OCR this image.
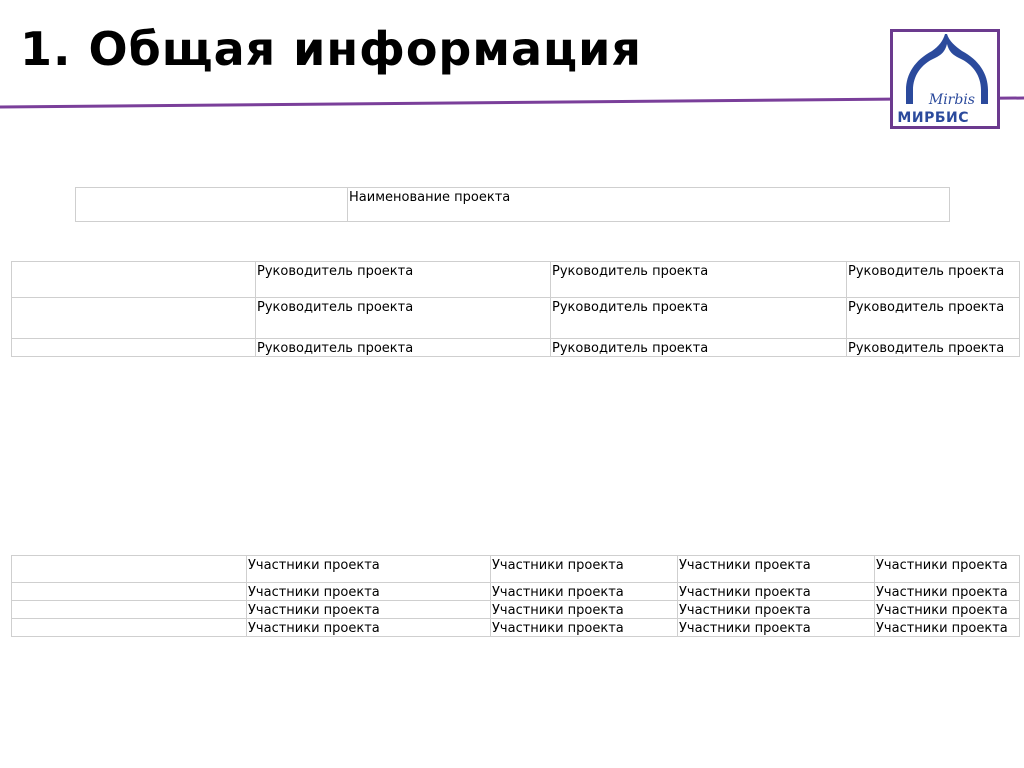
1. Общая информация
Mirbis
МИРБИС
	Наименование проекта
	Руководитель проекта	Руководитель проекта	Руководитель проекта
	Руководитель проекта	Руководитель проекта	Руководитель проекта
	Руководитель проекта	Руководитель проекта	Руководитель проекта
	Участники проекта	Участники проекта	Участники проекта	Участники проекта
	Участники проекта	Участники проекта	Участники проекта	Участники проекта
	Участники проекта	Участники проекта	Участники проекта	Участники проекта
	Участники проекта	Участники проекта	Участники проекта	Участники проекта
